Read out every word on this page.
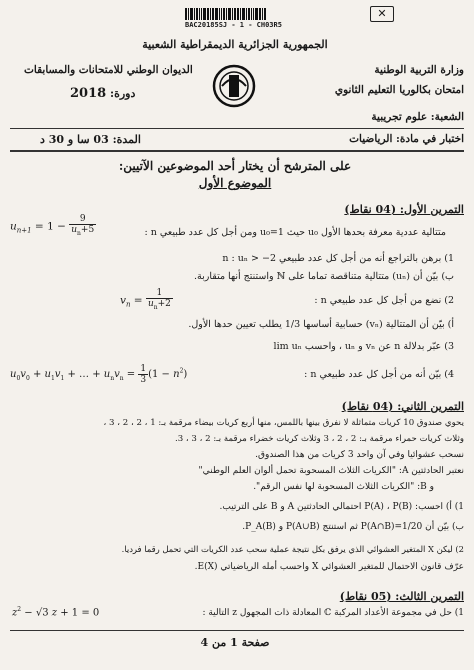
✕
BAC20185SJ - 1 - CH03R5
الجمهورية الجزائرية الديمقراطية الشعبية
وزارة التربية الوطنية
امتحان بكالوريا التعليم الثانوي
الديوان الوطني للامتحانات والمسابقات
دورة: 2018
الشعبة: علوم تجريبية
اختبار في مادة: الرياضيات
المدة: 03 سا و 30 د
على المترشح أن يختار أحد الموضوعين الآتيين:
الموضوع الأول
التمرين الأول: (04 نقاط)
$u_{n+1} = 1 - \frac{9}{u_n+5}$	متتالية عددية معرفة بحدها الأول u₀ حيث u₀=1 ومن أجل كل عدد طبيعي n :
1) برهن بالتراجع أنه من أجل كل عدد طبيعي n : uₙ > −2
ب) بيّن أن (uₙ) متتالية متناقصة تماما على ℕ واستنتج أنها متقاربة.
$v_n = \frac{1}{u_n+2}$	2) نضع من أجل كل عدد طبيعي n :
أ) بيّن أن المتتالية (vₙ) حسابية أساسها 1/3 يطلب تعيين حدها الأول.
3) عبّر بدلالة n عن vₙ و uₙ ، واحسب lim uₙ
$u_0v_0 + u_1v_1$ + … + $u_nv_n = \frac{1}{3} (1 - n^2)$	4) بيّن أنه من أجل كل عدد طبيعي n :
التمرين الثاني: (04 نقاط)
يحوي صندوق 10 كريات متماثلة لا نفرق بينها باللمس، منها أربع كريات بيضاء مرقمة بـ: 1 ، 2 ، 2 ، 3 ،
وثلاث كريات حمراء مرقمة بـ: 2 ، 2 ، 3 وثلاث كريات خضراء مرقمة بـ: 2 ، 3 ، 3.
نسحب عشوائيا وفي آن واحد 3 كريات من هذا الصندوق.
نعتبر الحادثتين A: "الكريات الثلاث المسحوبة تحمل ألوان العلم الوطني"
و B: "الكريات الثلاث المسحوبة لها نفس الرقم".
1) أ) احسب: P(A) ، P(B) احتمالي الحادثتين A و B على الترتيب.
ب) بيّن أن P(A∩B)=1/20 ثم استنتج P(A∪B) و P_A(B).
2) ليكن X المتغير العشوائي الذي يرفق بكل نتيجة عملية سحب عدد الكريات التي تحمل رقما فرديا.
عرّف قانون الاحتمال للمتغير العشوائي X واحسب أمله الرياضياتي E(X).
التمرين الثالث: (05 نقاط)
$z^2 - √3$ z + 1 = 0	1) حل في مجموعة الأعداد المركبة ℂ المعادلة ذات المجهول z التالية :
صفحة 1 من 4
